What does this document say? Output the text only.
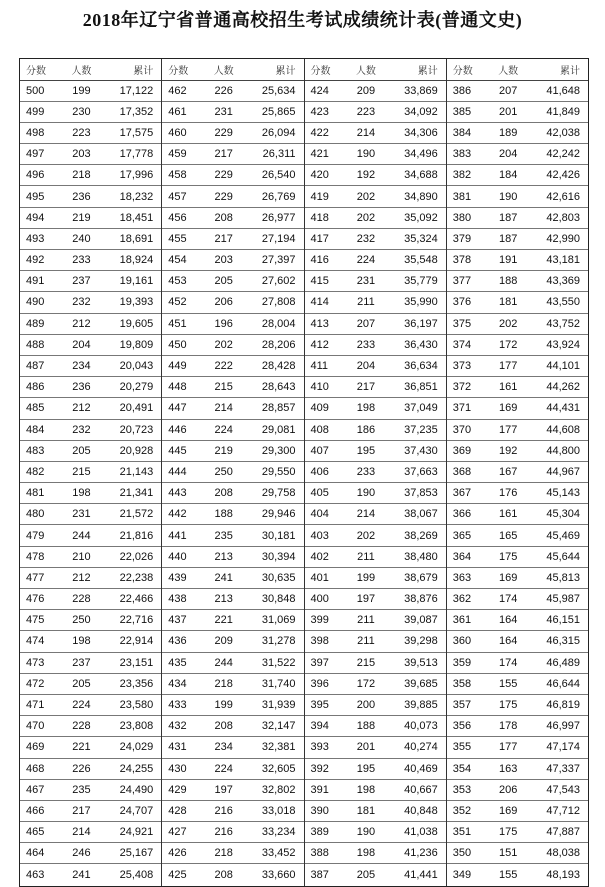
2018年辽宁省普通高校招生考试成绩统计表(普通文史)
分数	人数	累计
500	199	17,122
499	230	17,352
498	223	17,575
497	203	17,778
496	218	17,996
495	236	18,232
494	219	18,451
493	240	18,691
492	233	18,924
491	237	19,161
490	232	19,393
489	212	19,605
488	204	19,809
487	234	20,043
486	236	20,279
485	212	20,491
484	232	20,723
483	205	20,928
482	215	21,143
481	198	21,341
480	231	21,572
479	244	21,816
478	210	22,026
477	212	22,238
476	228	22,466
475	250	22,716
474	198	22,914
473	237	23,151
472	205	23,356
471	224	23,580
470	228	23,808
469	221	24,029
468	226	24,255
467	235	24,490
466	217	24,707
465	214	24,921
464	246	25,167
463	241	25,408
分数	人数	累计
462	226	25,634
461	231	25,865
460	229	26,094
459	217	26,311
458	229	26,540
457	229	26,769
456	208	26,977
455	217	27,194
454	203	27,397
453	205	27,602
452	206	27,808
451	196	28,004
450	202	28,206
449	222	28,428
448	215	28,643
447	214	28,857
446	224	29,081
445	219	29,300
444	250	29,550
443	208	29,758
442	188	29,946
441	235	30,181
440	213	30,394
439	241	30,635
438	213	30,848
437	221	31,069
436	209	31,278
435	244	31,522
434	218	31,740
433	199	31,939
432	208	32,147
431	234	32,381
430	224	32,605
429	197	32,802
428	216	33,018
427	216	33,234
426	218	33,452
425	208	33,660
分数	人数	累计
424	209	33,869
423	223	34,092
422	214	34,306
421	190	34,496
420	192	34,688
419	202	34,890
418	202	35,092
417	232	35,324
416	224	35,548
415	231	35,779
414	211	35,990
413	207	36,197
412	233	36,430
411	204	36,634
410	217	36,851
409	198	37,049
408	186	37,235
407	195	37,430
406	233	37,663
405	190	37,853
404	214	38,067
403	202	38,269
402	211	38,480
401	199	38,679
400	197	38,876
399	211	39,087
398	211	39,298
397	215	39,513
396	172	39,685
395	200	39,885
394	188	40,073
393	201	40,274
392	195	40,469
391	198	40,667
390	181	40,848
389	190	41,038
388	198	41,236
387	205	41,441
分数	人数	累计
386	207	41,648
385	201	41,849
384	189	42,038
383	204	42,242
382	184	42,426
381	190	42,616
380	187	42,803
379	187	42,990
378	191	43,181
377	188	43,369
376	181	43,550
375	202	43,752
374	172	43,924
373	177	44,101
372	161	44,262
371	169	44,431
370	177	44,608
369	192	44,800
368	167	44,967
367	176	45,143
366	161	45,304
365	165	45,469
364	175	45,644
363	169	45,813
362	174	45,987
361	164	46,151
360	164	46,315
359	174	46,489
358	155	46,644
357	175	46,819
356	178	46,997
355	177	47,174
354	163	47,337
353	206	47,543
352	169	47,712
351	175	47,887
350	151	48,038
349	155	48,193
